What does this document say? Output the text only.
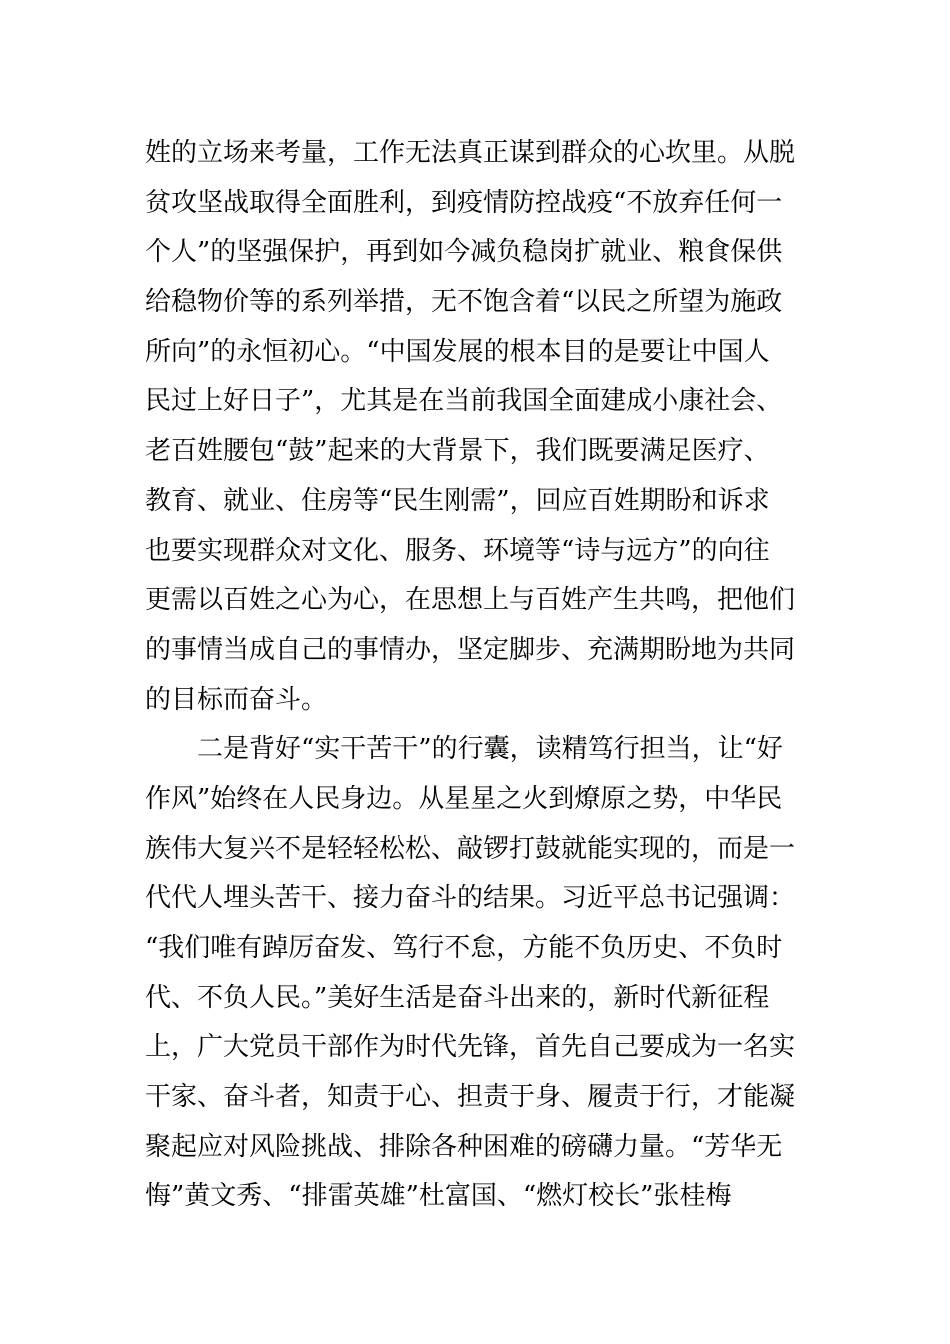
姓的立场来考量，工作无法真正谋到群众的心坎里。从脱
贫攻坚战取得全面胜利，到疫情防控战疫“不放弃任何一
个人”的坚强保护，再到如今减负稳岗扩就业、粮食保供
给稳物价等的系列举措，无不饱含着“以民之所望为施政
所向”的永恒初心。“中国发展的根本目的是要让中国人
民过上好日子”，尤其是在当前我国全面建成小康社会、
老百姓腰包“鼓”起来的大背景下，我们既要满足医疗、
教育、就业、住房等“民生刚需”，回应百姓期盼和诉求
也要实现群众对文化、服务、环境等“诗与远方”的向往
更需以百姓之心为心，在思想上与百姓产生共鸣，把他们
的事情当成自己的事情办，坚定脚步、充满期盼地为共同
的目标而奋斗。
二是背好“实干苦干”的行囊，读精笃行担当，让“好
作风”始终在人民身边。从星星之火到燎原之势，中华民
族伟大复兴不是轻轻松松、敲锣打鼓就能实现的，而是一
代代人埋头苦干、接力奋斗的结果。习近平总书记强调：
“我们唯有踔厉奋发、笃行不怠，方能不负历史、不负时
代、不负人民。”美好生活是奋斗出来的，新时代新征程
上，广大党员干部作为时代先锋，首先自己要成为一名实
干家、奋斗者，知责于心、担责于身、履责于行，才能凝
聚起应对风险挑战、排除各种困难的磅礴力量。“芳华无
悔”黄文秀、“排雷英雄”杜富国、“燃灯校长”张桂梅
